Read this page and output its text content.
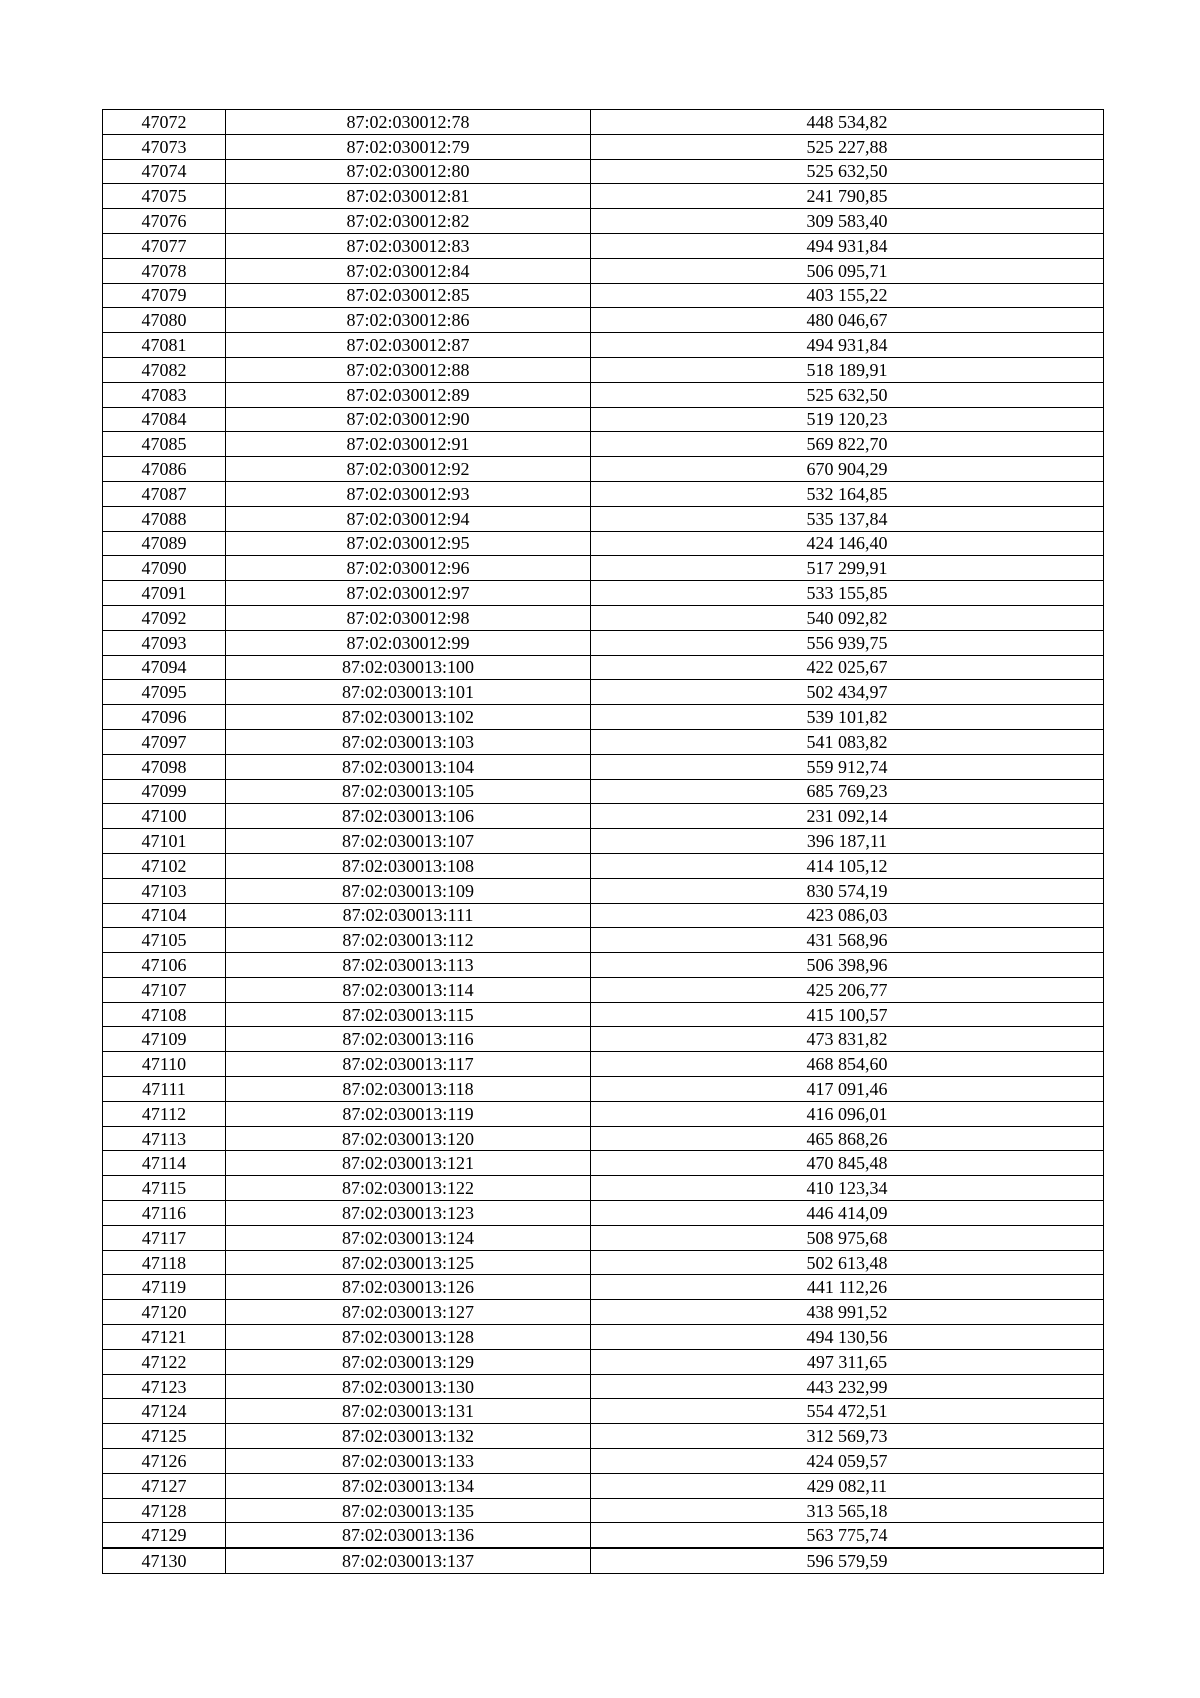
47072	87:02:030012:78	448 534,82
47073	87:02:030012:79	525 227,88
47074	87:02:030012:80	525 632,50
47075	87:02:030012:81	241 790,85
47076	87:02:030012:82	309 583,40
47077	87:02:030012:83	494 931,84
47078	87:02:030012:84	506 095,71
47079	87:02:030012:85	403 155,22
47080	87:02:030012:86	480 046,67
47081	87:02:030012:87	494 931,84
47082	87:02:030012:88	518 189,91
47083	87:02:030012:89	525 632,50
47084	87:02:030012:90	519 120,23
47085	87:02:030012:91	569 822,70
47086	87:02:030012:92	670 904,29
47087	87:02:030012:93	532 164,85
47088	87:02:030012:94	535 137,84
47089	87:02:030012:95	424 146,40
47090	87:02:030012:96	517 299,91
47091	87:02:030012:97	533 155,85
47092	87:02:030012:98	540 092,82
47093	87:02:030012:99	556 939,75
47094	87:02:030013:100	422 025,67
47095	87:02:030013:101	502 434,97
47096	87:02:030013:102	539 101,82
47097	87:02:030013:103	541 083,82
47098	87:02:030013:104	559 912,74
47099	87:02:030013:105	685 769,23
47100	87:02:030013:106	231 092,14
47101	87:02:030013:107	396 187,11
47102	87:02:030013:108	414 105,12
47103	87:02:030013:109	830 574,19
47104	87:02:030013:111	423 086,03
47105	87:02:030013:112	431 568,96
47106	87:02:030013:113	506 398,96
47107	87:02:030013:114	425 206,77
47108	87:02:030013:115	415 100,57
47109	87:02:030013:116	473 831,82
47110	87:02:030013:117	468 854,60
47111	87:02:030013:118	417 091,46
47112	87:02:030013:119	416 096,01
47113	87:02:030013:120	465 868,26
47114	87:02:030013:121	470 845,48
47115	87:02:030013:122	410 123,34
47116	87:02:030013:123	446 414,09
47117	87:02:030013:124	508 975,68
47118	87:02:030013:125	502 613,48
47119	87:02:030013:126	441 112,26
47120	87:02:030013:127	438 991,52
47121	87:02:030013:128	494 130,56
47122	87:02:030013:129	497 311,65
47123	87:02:030013:130	443 232,99
47124	87:02:030013:131	554 472,51
47125	87:02:030013:132	312 569,73
47126	87:02:030013:133	424 059,57
47127	87:02:030013:134	429 082,11
47128	87:02:030013:135	313 565,18
47129	87:02:030013:136	563 775,74
47130	87:02:030013:137	596 579,59
